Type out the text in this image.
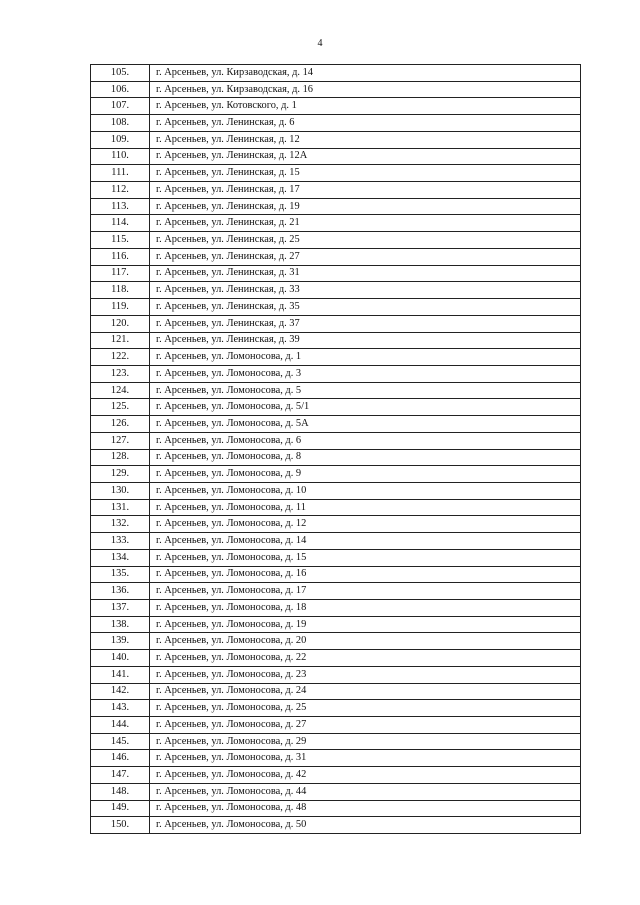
4
105.	г. Арсеньев, ул. Кирзаводская, д. 14
106.	г. Арсеньев, ул. Кирзаводская, д. 16
107.	г. Арсеньев, ул. Котовского, д. 1
108.	г. Арсеньев, ул. Ленинская, д. 6
109.	г. Арсеньев, ул. Ленинская, д. 12
110.	г. Арсеньев, ул. Ленинская, д. 12А
111.	г. Арсеньев, ул. Ленинская, д. 15
112.	г. Арсеньев, ул. Ленинская, д. 17
113.	г. Арсеньев, ул. Ленинская, д. 19
114.	г. Арсеньев, ул. Ленинская, д. 21
115.	г. Арсеньев, ул. Ленинская, д. 25
116.	г. Арсеньев, ул. Ленинская, д. 27
117.	г. Арсеньев, ул. Ленинская, д. 31
118.	г. Арсеньев, ул. Ленинская, д. 33
119.	г. Арсеньев, ул. Ленинская, д. 35
120.	г. Арсеньев, ул. Ленинская, д. 37
121.	г. Арсеньев, ул. Ленинская, д. 39
122.	г. Арсеньев, ул. Ломоносова, д. 1
123.	г. Арсеньев, ул. Ломоносова, д. 3
124.	г. Арсеньев, ул. Ломоносова, д. 5
125.	г. Арсеньев, ул. Ломоносова, д. 5/1
126.	г. Арсеньев, ул. Ломоносова, д. 5А
127.	г. Арсеньев, ул. Ломоносова, д. 6
128.	г. Арсеньев, ул. Ломоносова, д. 8
129.	г. Арсеньев, ул. Ломоносова, д. 9
130.	г. Арсеньев, ул. Ломоносова, д. 10
131.	г. Арсеньев, ул. Ломоносова, д. 11
132.	г. Арсеньев, ул. Ломоносова, д. 12
133.	г. Арсеньев, ул. Ломоносова, д. 14
134.	г. Арсеньев, ул. Ломоносова, д. 15
135.	г. Арсеньев, ул. Ломоносова, д. 16
136.	г. Арсеньев, ул. Ломоносова, д. 17
137.	г. Арсеньев, ул. Ломоносова, д. 18
138.	г. Арсеньев, ул. Ломоносова, д. 19
139.	г. Арсеньев, ул. Ломоносова, д. 20
140.	г. Арсеньев, ул. Ломоносова, д. 22
141.	г. Арсеньев, ул. Ломоносова, д. 23
142.	г. Арсеньев, ул. Ломоносова, д. 24
143.	г. Арсеньев, ул. Ломоносова, д. 25
144.	г. Арсеньев, ул. Ломоносова, д. 27
145.	г. Арсеньев, ул. Ломоносова, д. 29
146.	г. Арсеньев, ул. Ломоносова, д. 31
147.	г. Арсеньев, ул. Ломоносова, д. 42
148.	г. Арсеньев, ул. Ломоносова, д. 44
149.	г. Арсеньев, ул. Ломоносова, д. 48
150.	г. Арсеньев, ул. Ломоносова, д. 50
